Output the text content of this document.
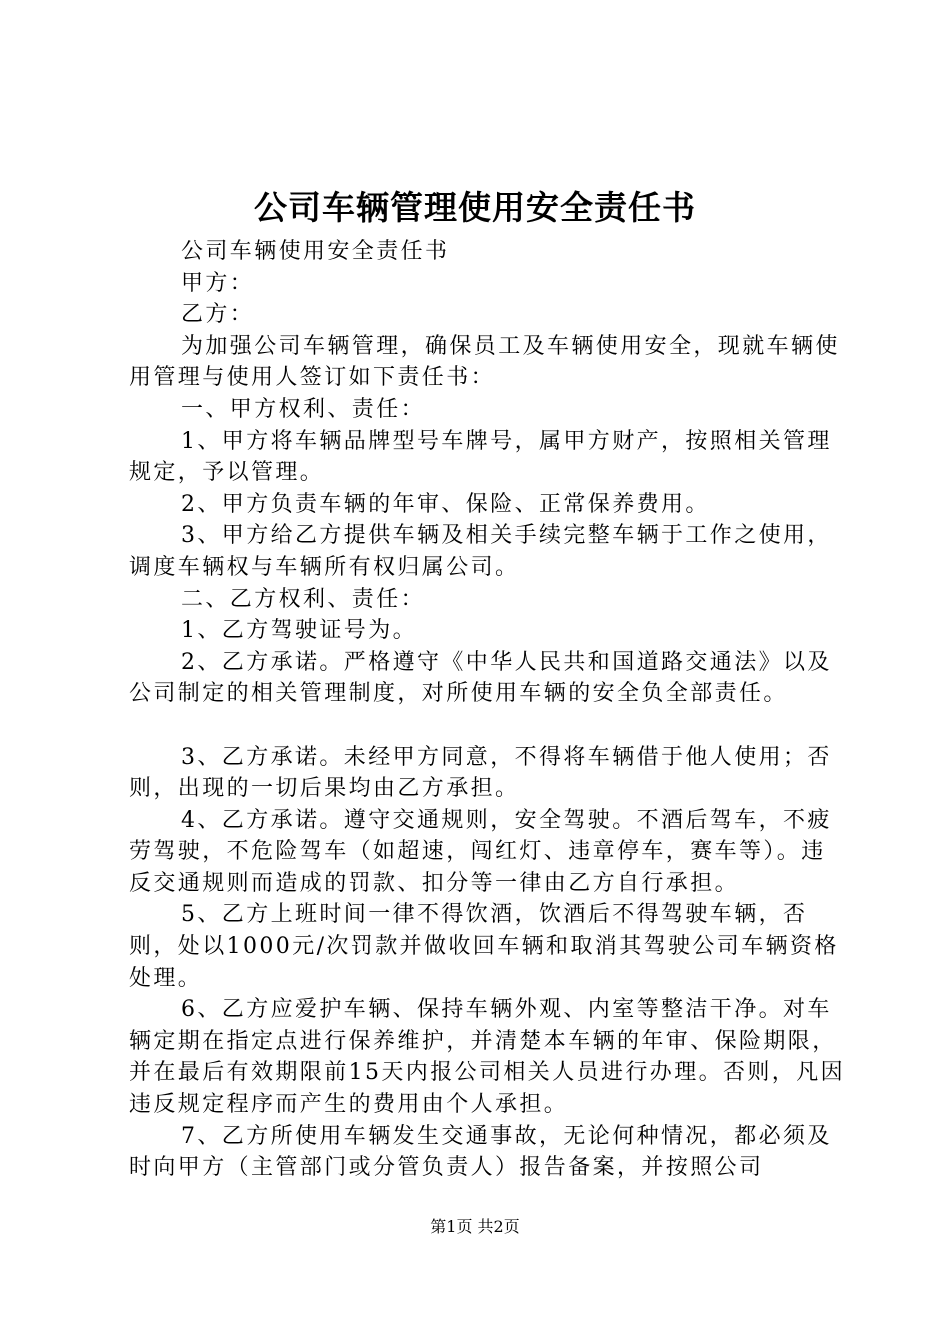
公司车辆管理使用安全责任书

公司车辆使用安全责任书

甲方：

乙方：

为加强公司车辆管理，确保员工及车辆使用安全，现就车辆使用管理与使用人签订如下责任书：

一、甲方权利、责任：

1、甲方将车辆品牌型号车牌号，属甲方财产，按照相关管理规定，予以管理。

2、甲方负责车辆的年审、保险、正常保养费用。

3、甲方给乙方提供车辆及相关手续完整车辆于工作之使用，调度车辆权与车辆所有权归属公司。

二、乙方权利、责任：

1、乙方驾驶证号为。

2、乙方承诺。严格遵守《中华人民共和国道路交通法》以及公司制定的相关管理制度，对所使用车辆的安全负全部责任。

3、乙方承诺。未经甲方同意，不得将车辆借于他人使用；否则，出现的一切后果均由乙方承担。

4、乙方承诺。遵守交通规则，安全驾驶。不酒后驾车，不疲劳驾驶，不危险驾车（如超速，闯红灯、违章停车，赛车等）。违反交通规则而造成的罚款、扣分等一律由乙方自行承担。

5、乙方上班时间一律不得饮酒，饮酒后不得驾驶车辆，否则，处以1000元/次罚款并做收回车辆和取消其驾驶公司车辆资格处理。

6、乙方应爱护车辆、保持车辆外观、内室等整洁干净。对车辆定期在指定点进行保养维护，并清楚本车辆的年审、保险期限，并在最后有效期限前15天内报公司相关人员进行办理。否则，凡因违反规定程序而产生的费用由个人承担。

7、乙方所使用车辆发生交通事故，无论何种情况，都必须及时向甲方（主管部门或分管负责人）报告备案，并按照公司

第1页 共2页
